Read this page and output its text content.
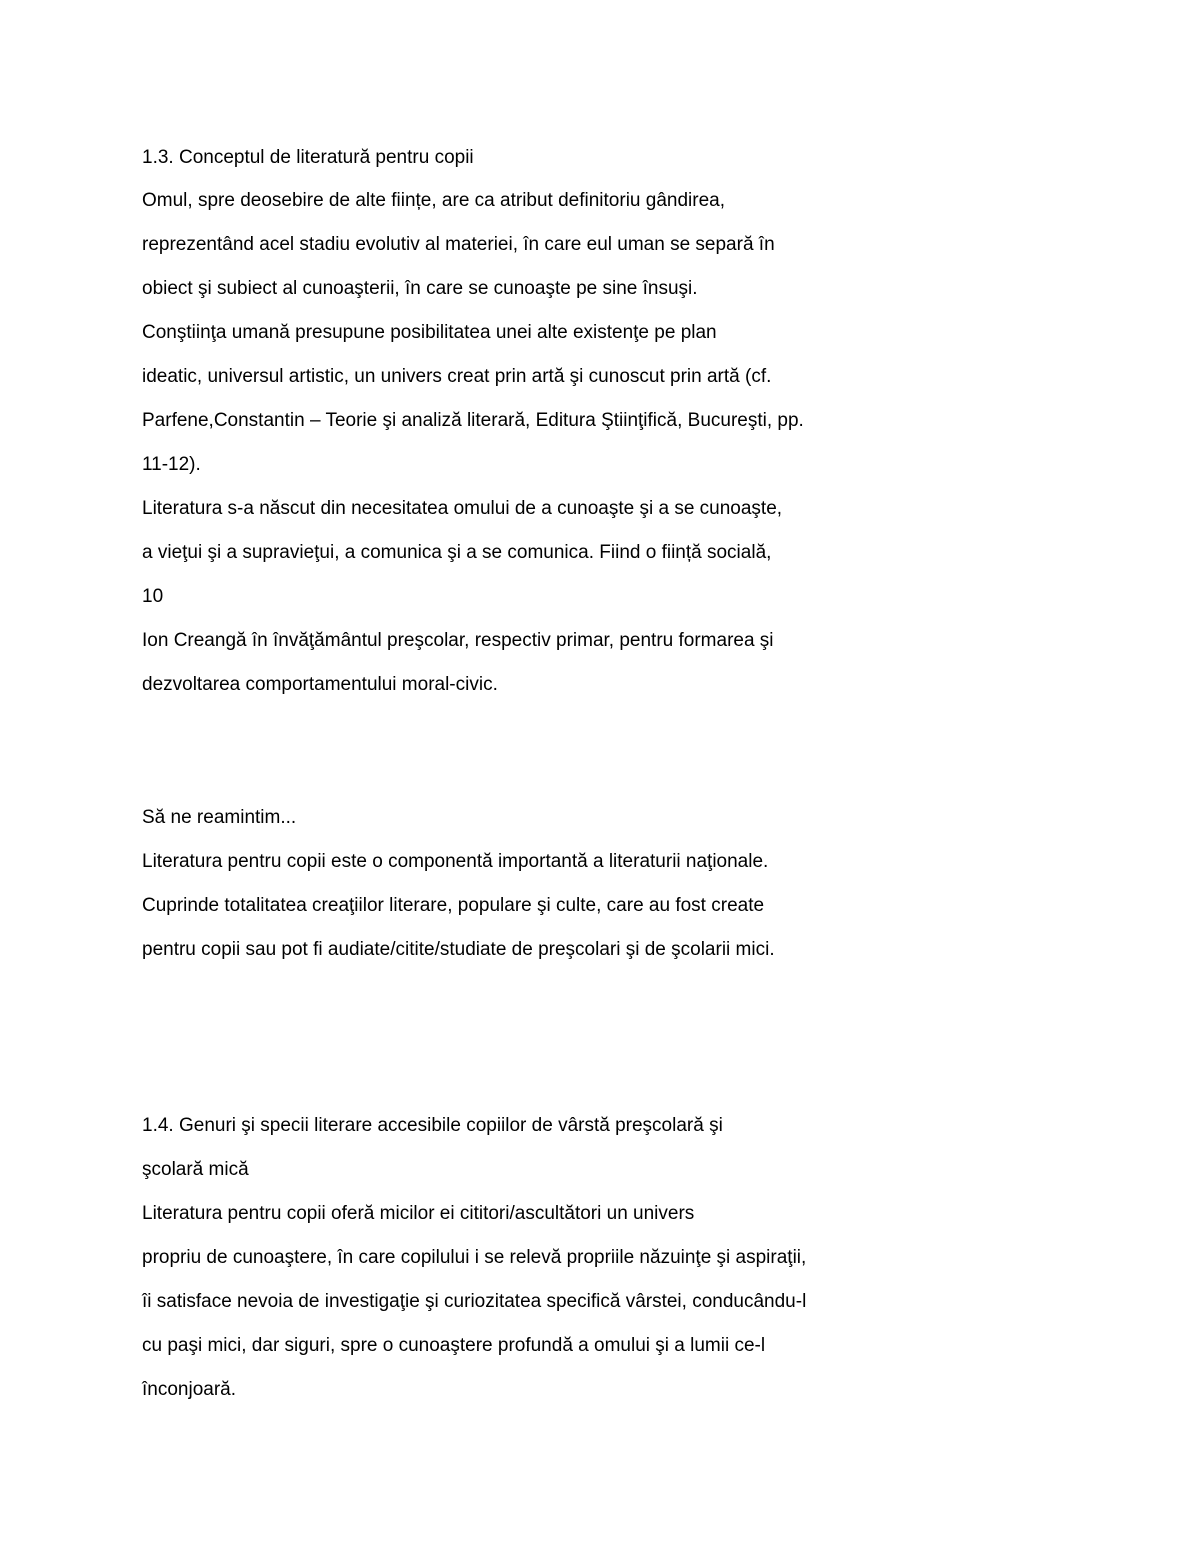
1.3. Conceptul de literatură pentru copii
Omul, spre deosebire de alte ființe, are ca atribut definitoriu gândirea,
reprezentând acel stadiu evolutiv al materiei, în care eul uman se separă în
obiect şi subiect al cunoaşterii, în care se cunoaşte pe sine însuşi.
Conştiinţa umană presupune posibilitatea unei alte existenţe pe plan
ideatic, universul artistic, un univers creat prin artă şi cunoscut prin artă (cf.
Parfene,Constantin – Teorie şi analiză literară, Editura Ştiinţifică, Bucureşti, pp.
11-12).
Literatura s-a născut din necesitatea omului de a cunoaşte şi a se cunoaşte,
a vieţui şi a supravieţui, a comunica şi a se comunica. Fiind o ființă socială,
10
Ion Creangă în învăţământul preşcolar, respectiv primar, pentru formarea şi
dezvoltarea comportamentului moral-civic.
Să ne reamintim...
Literatura pentru copii este o componentă importantă a literaturii naţionale.
Cuprinde totalitatea creaţiilor literare, populare şi culte, care au fost create
pentru copii sau pot fi audiate/citite/studiate de preşcolari şi de şcolarii mici.
1.4. Genuri şi specii literare accesibile copiilor de vârstă preşcolară şi
şcolară mică
Literatura pentru copii oferă micilor ei cititori/ascultători un univers
propriu de cunoaştere, în care copilului i se relevă propriile năzuinţe şi aspiraţii,
îi satisface nevoia de investigaţie şi curiozitatea specifică vârstei, conducându-l
cu paşi mici, dar siguri, spre o cunoaştere profundă a omului şi a lumii ce-l
înconjoară.
